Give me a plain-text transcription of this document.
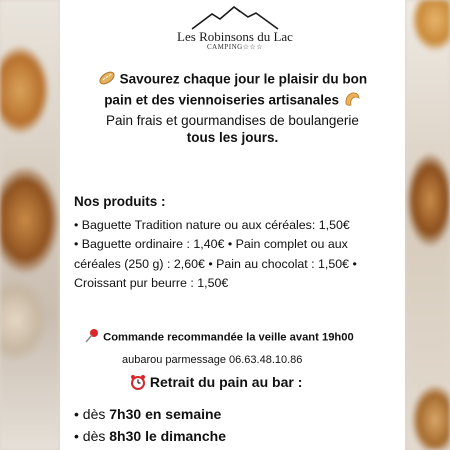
Les Robinsons du Lac
CAMPING☆☆☆
Savourez chaque jour le plaisir du bon
pain et des viennoiseries artisanales
Pain frais et gourmandises de boulangerie
tous les jours.
Nos produits :
• Baguette Tradition nature ou aux céréales: 1,50€
• Baguette ordinaire : 1,40€ • Pain complet ou aux
céréales (250 g) : 2,60€ • Pain au chocolat : 1,50€ •
Croissant pur beurre : 1,50€
Commande recommandée la veille avant 19h00
aubarou parmessage 06.63.48.10.86
Retrait du pain au bar :
• dès 7h30 en semaine
• dès 8h30 le dimanche
